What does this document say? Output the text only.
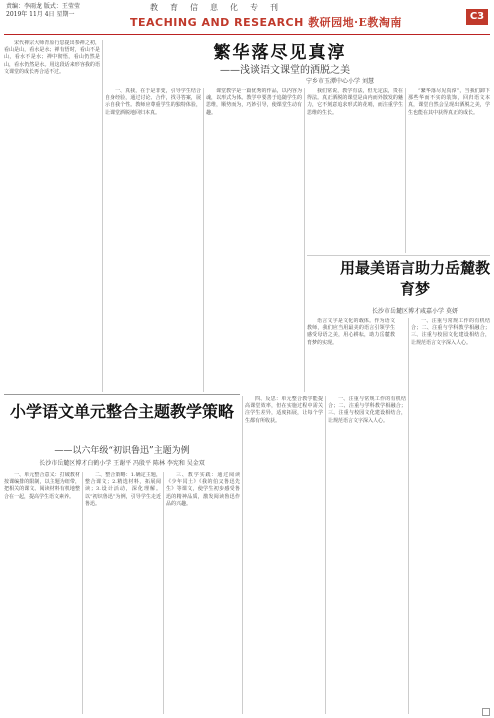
责编：李雨龙 版式：王莹莹
2019年 11月 4日 星期一
教育信息化专刊
TEACHING AND RESEARCH 教研园地·E教淘南	C3
繁华落尽见真淳
——浅谈语文课堂的洒脱之美
宁乡市玉潭中心小学 刘慧

宋代禅宗大师青原行思提出参禅之初，看山是山，看水是水；禅有悟时，看山不是山，看水不是水；禅中彻悟，看山仍然是山，看水仍然是水。用这段话来形容我的语文课堂的成长再合适不过。

一、真我，在于是非变，引导学生结合自身经验，通过讨论、合作，找寻答案，展示自我个性。教师应尊重学生的独特体验，让课堂洒脱地回归本真。

课堂教学是一篇优秀的作品，以内容为魂，以形式为体。教学中要善于追随学生的思维，顺势而为，巧妙引导，使课堂生动有趣。

我们常说，教学有法，但无定法，贵在得法。真正洒脱的课堂是由内而外散发的魅力，它不刻意追求形式的花哨，而注重学生思维的生长。

“繁华落尽见真淳”，当我们卸下那些华而不实的装饰，回归语文本真，课堂自然会呈现出洒脱之美，学生也能在其中获得真正的成长。

用最美语言助力岳麓教育梦
长沙市岳麓区博才咸嘉小学 莫妍

语言文字是文化的载体。作为语文教师，我们应当用最美的语言引领学生感受母语之美，用心耕耘，助力岳麓教育梦的实现。

小学语文单元整合主题教学策略
——以六年级“初识鲁迅”主题为例
长沙市岳麓区博才白鹤小学 王谢平 冯殷平 陈林 李宪和 吴金双

一、单元整合意义：打破教材按课编排的限制，以主题为纽带，把相关的课文、阅读材料有机地整合在一起，提高学生语文素养。

二、整合策略：1.确定主题，整合课文；2.精选材料，拓展阅读；3.设计活动，深化理解。以“初识鲁迅”为例，引导学生走近鲁迅。

三、教学实践：通过阅读《少年闰土》《我的伯父鲁迅先生》等课文，使学生初步感受鲁迅的精神品质，激发阅读鲁迅作品的兴趣。

四、反思：单元整合教学能提高课堂效率，但在实施过程中需关注学生差异，适度拓展，让每个学生都有所收获。

一、注重与常规工作的有机结合；二、注重与学科教学相融合；三、注重与校园文化建设相结合，让规范语言文字深入人心。

一、注重与常规工作的有机结合；二、注重与学科教学相融合；三、注重与校园文化建设相结合，让规范语言文字深入人心。
